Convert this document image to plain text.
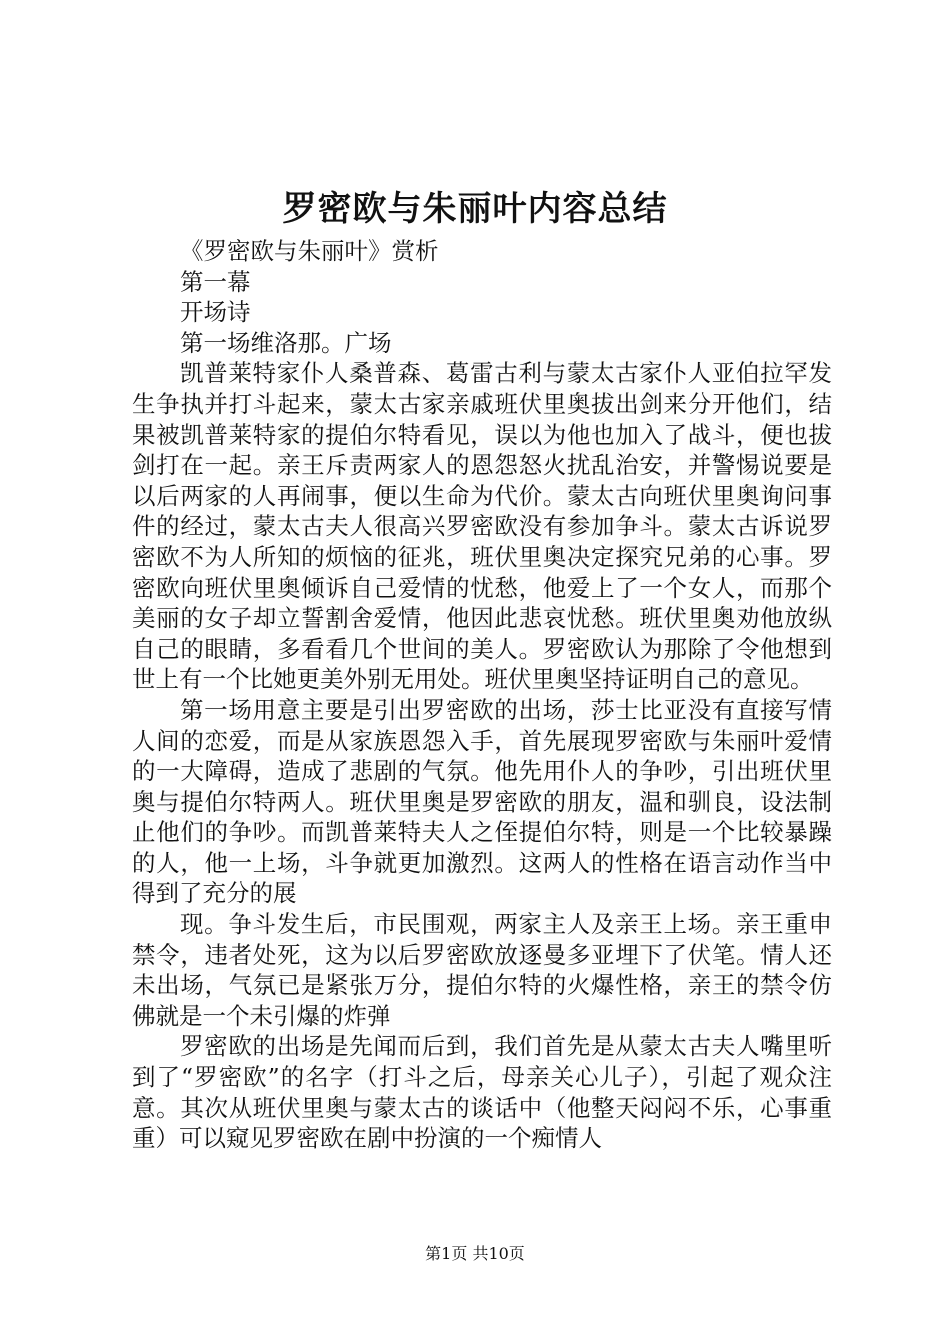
罗密欧与朱丽叶内容总结

《罗密欧与朱丽叶》赏析

第一幕

开场诗

第一场维洛那。广场

凯普莱特家仆人桑普森、葛雷古利与蒙太古家仆人亚伯拉罕发生争执并打斗起来，蒙太古家亲戚班伏里奥拔出剑来分开他们，结果被凯普莱特家的提伯尔特看见，误以为他也加入了战斗，便也拔剑打在一起。亲王斥责两家人的恩怨怒火扰乱治安，并警惕说要是以后两家的人再闹事，便以生命为代价。蒙太古向班伏里奥询问事件的经过，蒙太古夫人很高兴罗密欧没有参加争斗。蒙太古诉说罗密欧不为人所知的烦恼的征兆，班伏里奥决定探究兄弟的心事。罗密欧向班伏里奥倾诉自己爱情的忧愁，他爱上了一个女人，而那个美丽的女子却立誓割舍爱情，他因此悲哀忧愁。班伏里奥劝他放纵自己的眼睛，多看看几个世间的美人。罗密欧认为那除了令他想到世上有一个比她更美外别无用处。班伏里奥坚持证明自己的意见。

第一场用意主要是引出罗密欧的出场，莎士比亚没有直接写情人间的恋爱，而是从家族恩怨入手，首先展现罗密欧与朱丽叶爱情的一大障碍，造成了悲剧的气氛。他先用仆人的争吵，引出班伏里奥与提伯尔特两人。班伏里奥是罗密欧的朋友，温和驯良，设法制止他们的争吵。而凯普莱特夫人之侄提伯尔特，则是一个比较暴躁的人，他一上场，斗争就更加激烈。这两人的性格在语言动作当中得到了充分的展

现。争斗发生后，市民围观，两家主人及亲王上场。亲王重申禁令，违者处死，这为以后罗密欧放逐曼多亚埋下了伏笔。情人还未出场，气氛已是紧张万分，提伯尔特的火爆性格，亲王的禁令仿佛就是一个未引爆的炸弹

罗密欧的出场是先闻而后到，我们首先是从蒙太古夫人嘴里听到了“罗密欧”的名字（打斗之后，母亲关心儿子），引起了观众注意。其次从班伏里奥与蒙太古的谈话中（他整天闷闷不乐，心事重重）可以窥见罗密欧在剧中扮演的一个痴情人

第1页 共10页
